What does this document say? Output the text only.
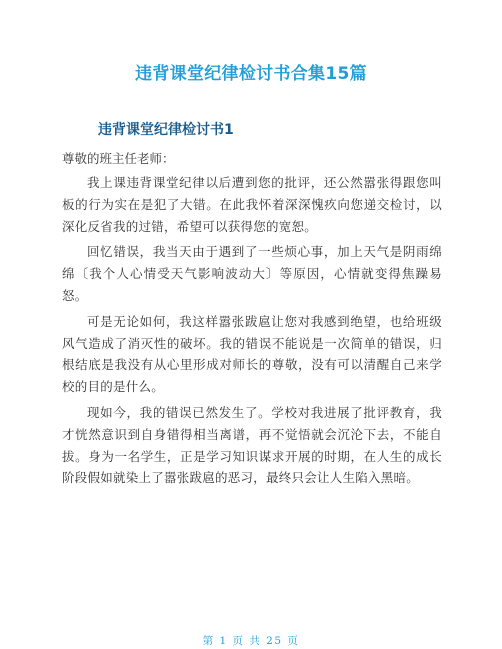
违背课堂纪律检讨书合集15篇
违背课堂纪律检讨书1

尊敬的班主任老师：

我上课违背课堂纪律以后遭到您的批评，还公然嚣张得跟您叫板的行为实在是犯了大错。在此我怀着深深愧疚向您递交检讨，以深化反省我的过错，希望可以获得您的宽恕。

回忆错误，我当天由于遇到了一些烦心事，加上天气是阴雨绵绵〔我个人心情受天气影响波动大〕等原因，心情就变得焦躁易怒。

可是无论如何，我这样嚣张跋扈让您对我感到绝望，也给班级风气造成了消灭性的破坏。我的错误不能说是一次简单的错误，归根结底是我没有从心里形成对师长的尊敬，没有可以清醒自己来学校的目的是什么。

现如今，我的错误已然发生了。学校对我进展了批评教育，我才恍然意识到自身错得相当离谱，再不觉悟就会沉沦下去，不能自拔。身为一名学生，正是学习知识谋求开展的时期，在人生的成长阶段假如就染上了嚣张跋扈的恶习，最终只会让人生陷入黑暗。

第 1 页 共 25 页
